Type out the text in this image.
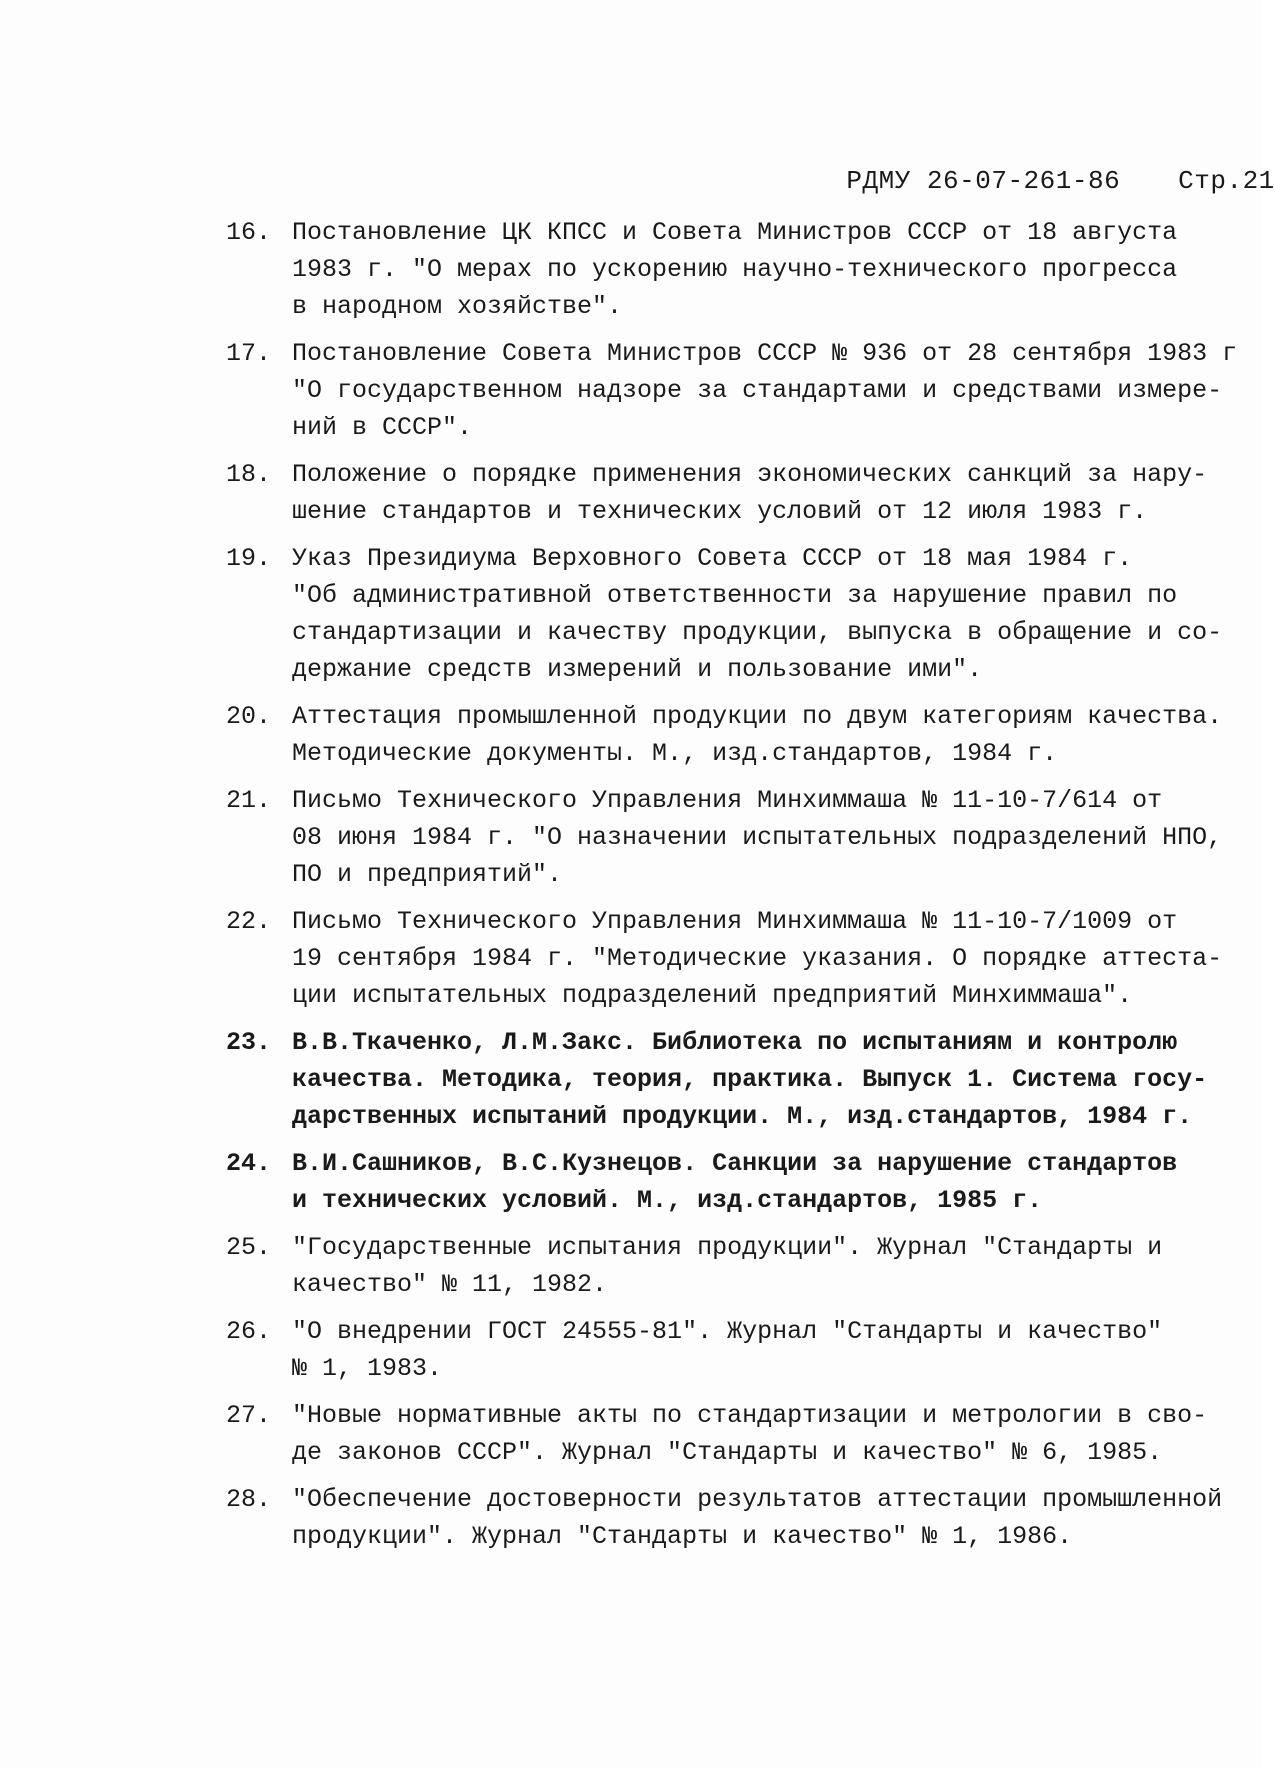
РДМУ 26-07-261-86 Стр.21

16. Постановление ЦК КПСС и Совета Министров СССР от 18 августа
1983 г. "О мерах по ускорению научно-технического прогресса
в народном хозяйстве".
17. Постановление Совета Министров СССР № 936 от 28 сентября 1983 г
"О государственном надзоре за стандартами и средствами измере-
ний в СССР".
18. Положение о порядке применения экономических санкций за нару-
шение стандартов и технических условий от 12 июля 1983 г.
19. Указ Президиума Верховного Совета СССР от 18 мая 1984 г.
"Об административной ответственности за нарушение правил по
стандартизации и качеству продукции, выпуска в обращение и со-
держание средств измерений и пользование ими".
20. Аттестация промышленной продукции по двум категориям качества.
Методические документы. М., изд.стандартов, 1984 г.
21. Письмо Технического Управления Минхиммаша № 11-10-7/614 от
08 июня 1984 г. "О назначении испытательных подразделений НПО,
ПО и предприятий".
22. Письмо Технического Управления Минхиммаша № 11-10-7/1009 от
19 сентября 1984 г. "Методические указания. О порядке аттеста-
ции испытательных подразделений предприятий Минхиммаша".
23. В.В.Ткаченко, Л.М.Закс. Библиотека по испытаниям и контролю
качества. Методика, теория, практика. Выпуск 1. Система госу-
дарственных испытаний продукции. М., изд.стандартов, 1984 г.
24. В.И.Сашников, В.С.Кузнецов. Санкции за нарушение стандартов
и технических условий. М., изд.стандартов, 1985 г.
25. "Государственные испытания продукции". Журнал "Стандарты и
качество" № 11, 1982.
26. "О внедрении ГОСТ 24555-81". Журнал "Стандарты и качество"
№ 1, 1983.
27. "Новые нормативные акты по стандартизации и метрологии в сво-
де законов СССР". Журнал "Стандарты и качество" № 6, 1985.
28. "Обеспечение достоверности результатов аттестации промышленной
продукции". Журнал "Стандарты и качество" № 1, 1986.
